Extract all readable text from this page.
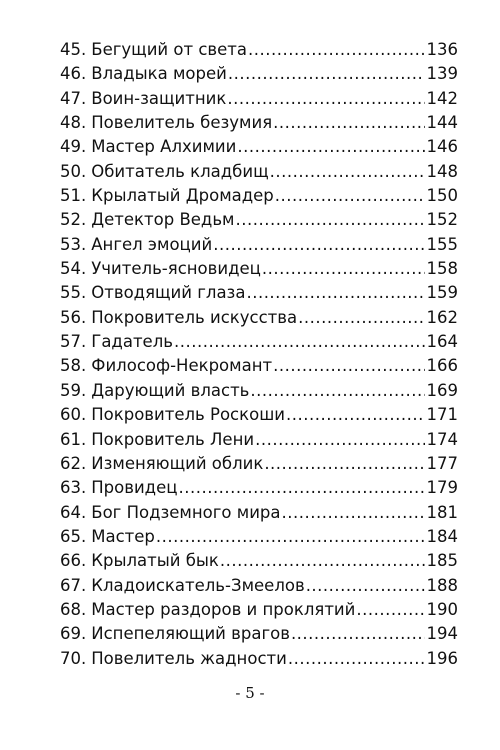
45. Бегущий от света .....	136
46. Владыка морей .....	139
47. Воин-защитник .....	142
48. Повелитель безумия .....	144
49. Мастер Алхимии .....	146
50. Обитатель кладбищ .....	148
51. Крылатый Дромадер .....	150
52. Детектор Ведьм .....	152
53. Ангел эмоций .....	155
54. Учитель-ясновидец .....	158
55. Отводящий глаза .....	159
56. Покровитель искусства .....	162
57. Гадатель .....	164
58. Философ-Некромант .....	166
59. Дарующий власть .....	169
60. Покровитель Роскоши .....	171
61. Покровитель Лени .....	174
62. Изменяющий облик .....	177
63. Провидец .....	179
64. Бог Подземного мира .....	181
65. Мастер .....	184
66. Крылатый бык .....	185
67. Кладоискатель-Змеелов .....	188
68. Мастер раздоров и проклятий .....	190
69. Испепеляющий врагов .....	194
70. Повелитель жадности .....	196
- 5 -
